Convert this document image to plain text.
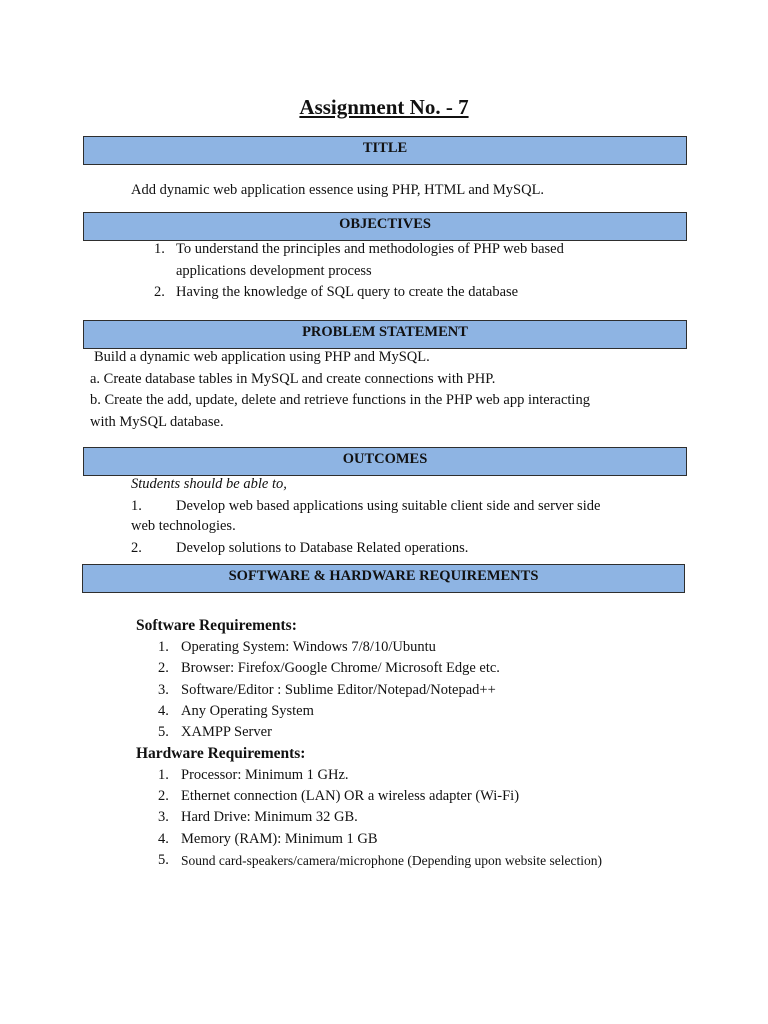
Assignment No. - 7
TITLE
Add dynamic web application essence using PHP, HTML and MySQL.
OBJECTIVES
1. To understand the principles and methodologies of PHP web based
applications development process
2. Having the knowledge of SQL query to create the database
PROBLEM STATEMENT
Build a dynamic web application using PHP and MySQL.
a. Create database tables in MySQL and create connections with PHP.
b. Create the add, update, delete and retrieve functions in the PHP web app interacting
with MySQL database.
OUTCOMES
Students should be able to,
1. Develop web based applications using suitable client side and server side
web technologies.
2. Develop solutions to Database Related operations.
SOFTWARE & HARDWARE REQUIREMENTS
Software Requirements:
1. Operating System: Windows 7/8/10/Ubuntu
2. Browser: Firefox/Google Chrome/ Microsoft Edge etc.
3. Software/Editor : Sublime Editor/Notepad/Notepad++
4. Any Operating System
5. XAMPP Server
Hardware Requirements:
1. Processor: Minimum 1 GHz.
2. Ethernet connection (LAN) OR a wireless adapter (Wi-Fi)
3. Hard Drive: Minimum 32 GB.
4. Memory (RAM): Minimum 1 GB
5. Sound card-speakers/camera/microphone (Depending upon website selection)
